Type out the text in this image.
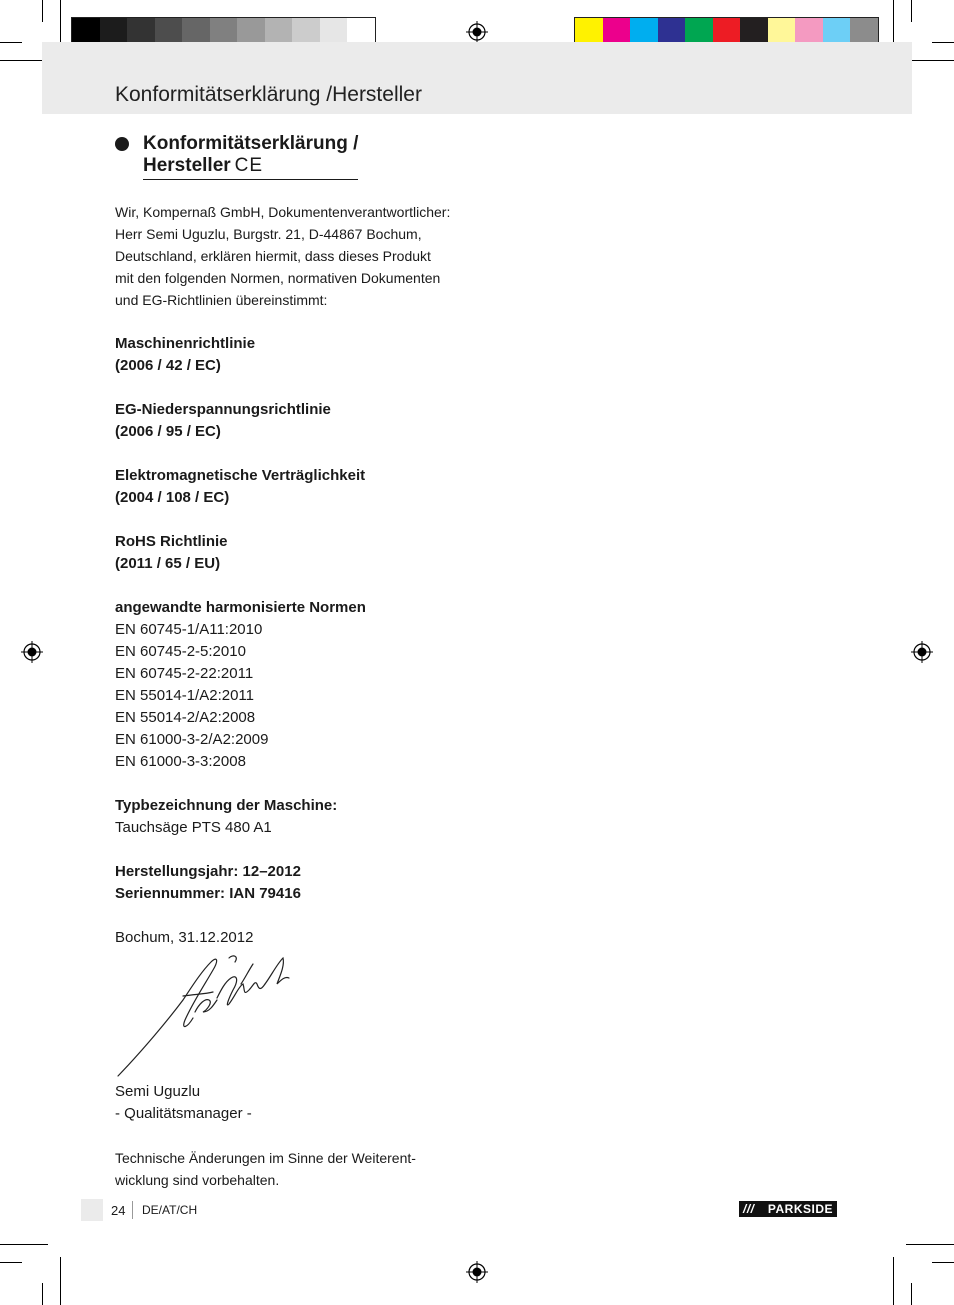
Konformitätserklärung /Hersteller
Konformitätserklärung /
Hersteller CE

Wir, Kompernaß GmbH, Dokumentenverantwortlicher:

Herr Semi Uguzlu, Burgstr. 21, D-44867 Bochum,

Deutschland, erklären hiermit, dass dieses Produkt

mit den folgenden Normen, normativen Dokumenten

und EG-Richtlinien übereinstimmt:

Maschinenrichtlinie

(2006 / 42 / EC)

EG-Niederspannungsrichtlinie

(2006 / 95 / EC)

Elektromagnetische Verträglichkeit

(2004 / 108 / EC)

RoHS Richtlinie

(2011 / 65 / EU)

angewandte harmonisierte Normen

EN 60745-1/A11:2010

EN 60745-2-5:2010

EN 60745-2-22:2011

EN 55014-1/A2:2011

EN 55014-2/A2:2008

EN 61000-3-2/A2:2009

EN 61000-3-3:2008

Typbezeichnung der Maschine:

Tauchsäge PTS 480 A1

Herstellungsjahr: 12–2012

Seriennummer: IAN 79416

Bochum, 31.12.2012

Semi Uguzlu

- Qualitätsmanager -

Technische Änderungen im Sinne der Weiterent-

wicklung sind vorbehalten.

24 DE/AT/CH	/// PARKSIDE
